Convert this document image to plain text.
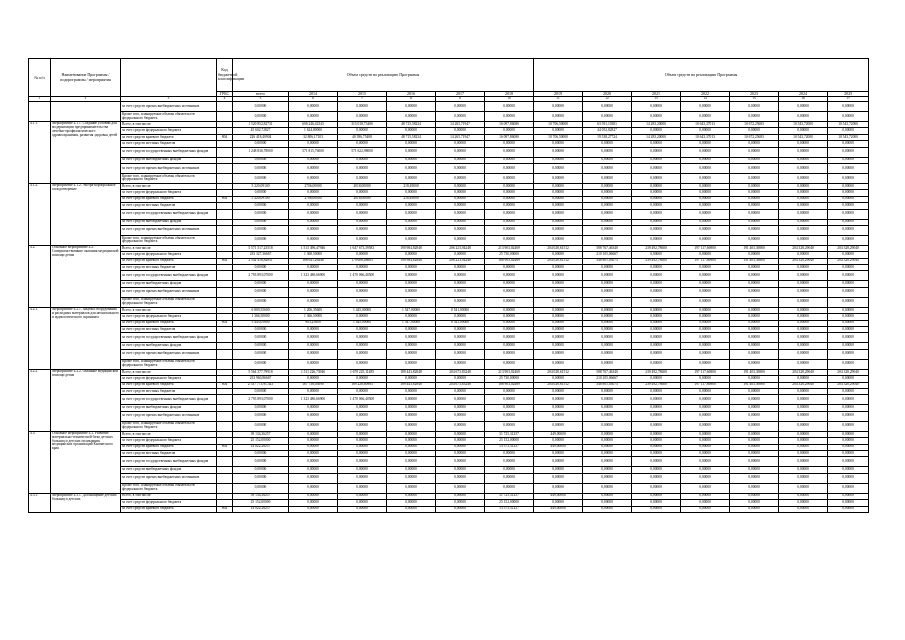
№ п/п	Наименование Программы / подпрограммы / мероприятия		Код бюджетной классификации	Объем средств на реализацию Программы						Объем средств на реализацию Программы						
			ГРБС	всего	2014	2015	2016	2017	2018	2019	2020	2021	2022	2023	2024	2025
1	2	3	4	5	6	7	8	9	10	11	12	13	14	15	16	17
		за счет средств прочих внебюджетных источников		0,00000	0,00000	0,00000	0,00000	0,00000	0,00000	0,00000	0,00000	0,00000	0,00000	0,00000	0,00000	0,00000
		Кроме того, планируемые объемы обязательств федерального бюджета		0,00000	0,00000	0,00000	0,00000	0,00000	0,00000	0,00000	0,00000	0,00000	0,00000	0,00000	0,00000	0,00000
4.1.1.	Мероприятие 4.1.1. Создание условий для модернизации предпринимательства лечебно-профилактического здравоохранения, развития здоровья детей	Всего, в том числе:		1 520 852,82731	606 246,42343	315 018,73406	48 715,58234	14 265,71947	16 097,86080	10 706,50000	63 591,10381	14 283,20000	10 643,37013	10 672,25683	10 543,72000	10 543,72000
		за счет средств федерального бюджета		45 602,72827	1 624,80000	0,00000	0,00000	0,00000	0,00000	0,00000	44 052,82827	0,00000	0,00000	0,00000	0,00000	0,00000
		за счет средств краевого бюджета	804	226 418,40904	32 806,17103	40 396,75408	48 715,58234	14 265,71947	16 097,86080	10 706,50000	19 538,27724	14 283,20000	10 643,37013	10 672,25683	10 543,72000	10 543,72000
		за счет средств местных бюджетов		0,00000	0,00000	0,00000	0,00000	0,00000	0,00000	0,00000	0,00000	0,00000	0,00000	0,00000	0,00000	0,00000
		за счет средств государственных внебюджетных фондов		1 248 836,78000	571 815,76000	571 622,98000	0,00000	0,00000	0,00000	0,00000	0,00000	0,00000	0,00000	0,00000	0,00000	0,00000
		за счет средств внебюджетных фондов		0,00000	0,00000	0,00000	0,00000	0,00000	0,00000	0,00000	0,00000	0,00000	0,00000	0,00000	0,00000	0,00000
		за счет средств прочих внебюджетных источников		0,00000	0,00000	0,00000	0,00000	0,00000	0,00000	0,00000	0,00000	0,00000	0,00000	0,00000	0,00000	0,00000
		Кроме того, планируемые объемы обязательств федерального бюджета		0,00000	0,00000	0,00000	0,00000	0,00000	0,00000	0,00000	0,00000	0,00000	0,00000	0,00000	0,00000	0,00000
4.1.2.	Мероприятие 4.1.2. Экстра-корпоральное оплодотворение	Всего, в том числе:		5 220,09100	2706,00000	2018,00000	218,49000	0,00000	0,00000	0,00000	0,00000	0,00000	0,00000	0,00000	0,00000	0,00000
		за счет средств федерального бюджета		0,00000	0,00000	0,00000	0,00000	0,00000	0,00000	0,00000	0,00000	0,00000	0,00000	0,00000	0,00000	0,00000
		за счет средств краевого бюджета	804	5 220,09100	2706,00000	2018,00000	218,49000	0,00000	0,00000	0,00000	0,00000	0,00000	0,00000	0,00000	0,00000	0,00000
		за счет средств местных бюджетов		0,00000	0,00000	0,00000	0,00000	0,00000	0,00000	0,00000	0,00000	0,00000	0,00000	0,00000	0,00000	0,00000
		за счет средств государственных внебюджетных фондов		0,00000	0,00000	0,00000	0,00000	0,00000	0,00000	0,00000	0,00000	0,00000	0,00000	0,00000	0,00000	0,00000
		за счет средств внебюджетных фондов		0,00000	0,00000	0,00000	0,00000	0,00000	0,00000	0,00000	0,00000	0,00000	0,00000	0,00000	0,00000	0,00000
		за счет средств прочих внебюджетных источников		0,00000	0,00000	0,00000	0,00000	0,00000	0,00000	0,00000	0,00000	0,00000	0,00000	0,00000	0,00000	0,00000
		Кроме того, планируемые объемы обязательств федерального бюджета		0,00000	0,00000	0,00000	0,00000	0,00000	0,00000	0,00000	0,00000	0,00000	0,00000	0,00000	0,00000	0,00000
4.2.	Основное мероприятие 4.2. Совершенствование оказания медицинской помощи детям	Всего, в том числе:		5 571 517,23518	1 513 496,47946	1 647 673,39583	190 984,82848	206 223,94248	213 903,02469	204 028,61512	588 767,46340	239 492,78600	197 117,66900	191 403,36900	204 328,29040	204 328,29040
		за счет средств федерального бюджета		235 327,36667	1 368,50000	0,00000	0,00000	0,00000	25 730,00000	0,00000	210 105,06667	0,00000	0,00000	0,00000	0,00000	0,00000
		за счет средств краевого бюджета	804	2 542 418,84851	188 641,26446	170 606,48683	190 984,82848	206 223,94248	188 903,02469	204 028,61512	348 801,03073	239 492,78600	197 117,66900	191 403,36900	204 328,29040	204 328,29040
		за счет средств местных бюджетов		0,00000	0,00000	0,00000	0,00000	0,00000	0,00000	0,00000	0,00000	0,00000	0,00000	0,00000	0,00000	0,00000
		за счет средств государственных внебюджетных фондов		2 793 893,07000	1 323 486,66900	1 470 066,40500	0,00000	0,00000	0,00000	0,00000	0,00000	0,00000	0,00000	0,00000	0,00000	0,00000
		за счет средств внебюджетных фондов		0,00000	0,00000	0,00000	0,00000	0,00000	0,00000	0,00000	0,00000	0,00000	0,00000	0,00000	0,00000	0,00000
		за счет средств прочих внебюджетных источников		0,00000	0,00000	0,00000	0,00000	0,00000	0,00000	0,00000	0,00000	0,00000	0,00000	0,00000	0,00000	0,00000
		Кроме того, планируемые объемы обязательств федерального бюджета		0,00000	0,00000	0,00000	0,00000	0,00000	0,00000	0,00000	0,00000	0,00000	0,00000	0,00000	0,00000	0,00000
4.2.1.	Мероприятие 4.2.1. Закупка оборудования и расходных материалов для неонатального и аудиологического скрининга	Всего, в том числе:		6 809,55600	1 206,35600	1 445,00000	1 547,00000	0 541,00000	0,00000	0,00000	0,00000	0,00000	0,00000	0,00000	0,00000	0,00000
		за счет средств федерального бюджета		1 366,50000	1 366,50000	0,00000	0,00000	0,00000	0,00000	0,00000	0,00000	0,00000	0,00000	0,00000	0,00000	0,00000
		за счет средств краевого бюджета	804	5 443,05600	903,25600	1 445,00000	1 547,00000	0 541,00000	0,00000	0,00000	0,00000	0,00000	0,00000	0,00000	0,00000	0,00000
		за счет средств местных бюджетов		0,00000	0,00000	0,00000	0,00000	0,00000	0,00000	0,00000	0,00000	0,00000	0,00000	0,00000	0,00000	0,00000
		за счет средств государственных внебюджетных фондов		0,00000	0,00000	0,00000	0,00000	0,00000	0,00000	0,00000	0,00000	0,00000	0,00000	0,00000	0,00000	0,00000
		за счет средств внебюджетных фондов		0,00000	0,00000	0,00000	0,00000	0,00000	0,00000	0,00000	0,00000	0,00000	0,00000	0,00000	0,00000	0,00000
		за счет средств прочих внебюджетных источников		0,00000	0,00000	0,00000	0,00000	0,00000	0,00000	0,00000	0,00000	0,00000	0,00000	0,00000	0,00000	0,00000
		Кроме того, планируемые объемы обязательств федерального бюджета		0,00000	0,00000	0,00000	0,00000	0,00000	0,00000	0,00000	0,00000	0,00000	0,00000	0,00000	0,00000	0,00000
4.2.2.	Мероприятие 4.2.2. Оказание медицинской помощи детям	Всего, в том числе:		5 564 377,79918	1 511 226,73946	1 679 225,11485	189 443,82848	204 673,83248	213 903,02469	204 028,61512	588 767,46340	239 492,78600	197 117,66900	191 403,36900	204 328,29040	204 328,29040
		за счет средств федерального бюджета		233 960,86667	0,00000	0,00000	0,00000	0,00000	25 730,00000	0,00000	210 105,06667	0,00000	0,00000	0,00000	0,00000	0,00000
		за счет средств краевого бюджета	804	2 537 773,91,343	187 738,03090	169 228,80983	189 443,82848	204 673,83248	188 903,02469	204 028,61512	348 801,03073	239 492,78600	197 117,66900	191 403,36900	204 328,29040	204 328,29040
		за счет средств местных бюджетов		0,00000	0,00000	0,00000	0,00000	0,00000	0,00000	0,00000	0,00000	0,00000	0,00000	0,00000	0,00000	0,00000
		за счет средств государственных внебюджетных фондов		2 793 893,07000	1 323 486,66900	1 470 066,40500	0,00000	0,00000	0,00000	0,00000	0,00000	0,00000	0,00000	0,00000	0,00000	0,00000
		за счет средств внебюджетных фондов		0,00000	0,00000	0,00000	0,00000	0,00000	0,00000	0,00000	0,00000	0,00000	0,00000	0,00000	0,00000	0,00000
		за счет средств прочих внебюджетных источников		0,00000	0,00000	0,00000	0,00000	0,00000	0,00000	0,00000	0,00000	0,00000	0,00000	0,00000	0,00000	0,00000
		Кроме того, планируемые объемы обязательств федерального бюджета		0,00000	0,00000	0,00000	0,00000	0,00000	0,00000	0,00000	0,00000	0,00000	0,00000	0,00000	0,00000	0,00000
4.3.	Основное мероприятие 4.3. Развитие материально-технической базы детских больниц и детских поликлиник медицинских организаций Камчатского края	Всего, в том числе:		39 134,36257	0,00000	0,00000	0,00000	0,00000	31 725,31257	449,00000	0,00000	0,00000	0,00000	0,00000	0,00000	0,00000
		за счет средств федерального бюджета		25 152,00000	0,00000	0,00000	0,00000	0,00000	25 152,00000	0,00000	0,00000	0,00000	0,00000	0,00000	0,00000	0,00000
		за счет средств краевого бюджета	804	14 022,26257	0,00000	0,00000	0,00000	0,00000	13 573,31257	449,00000	0,00000	0,00000	0,00000	0,00000	0,00000	0,00000
		за счет средств местных бюджетов		0,00000	0,00000	0,00000	0,00000	0,00000	0,00000	0,00000	0,00000	0,00000	0,00000	0,00000	0,00000	0,00000
		за счет средств государственных внебюджетных фондов		0,00000	0,00000	0,00000	0,00000	0,00000	0,00000	0,00000	0,00000	0,00000	0,00000	0,00000	0,00000	0,00000
		за счет средств внебюджетных фондов		0,00000	0,00000	0,00000	0,00000	0,00000	0,00000	0,00000	0,00000	0,00000	0,00000	0,00000	0,00000	0,00000
		за счет средств прочих внебюджетных источников		0,00000	0,00000	0,00000	0,00000	0,00000	0,00000	0,00000	0,00000	0,00000	0,00000	0,00000	0,00000	0,00000
		Кроме того, планируемые объемы обязательств федерального бюджета		0,00000	0,00000	0,00000	0,00000	0,00000	0,00000	0,00000	0,00000	0,00000	0,00000	0,00000	0,00000	0,00000
4.3.1.	Мероприятие 4.3.1. Дооснащение детских больниц и детских	Всего, в том числе:		39 134,36257	0,00000	0,00000	0,00000	0,00000	31 725,31257	449,00000	0,00000	0,00000	0,00000	0,00000	0,00000	0,00000
		за счет средств федерального бюджета		25 152,00000	0,00000	0,00000	0,00000	0,00000	25 152,00000	0,00000	0,00000	0,00000	0,00000	0,00000	0,00000	0,00000
		за счет средств краевого бюджета	804	14 022,26257	0,00000	0,00000	0,00000	0,00000	13 573,31257	449,00000	0,00000	0,00000	0,00000	0,00000	0,00000	0,00000
